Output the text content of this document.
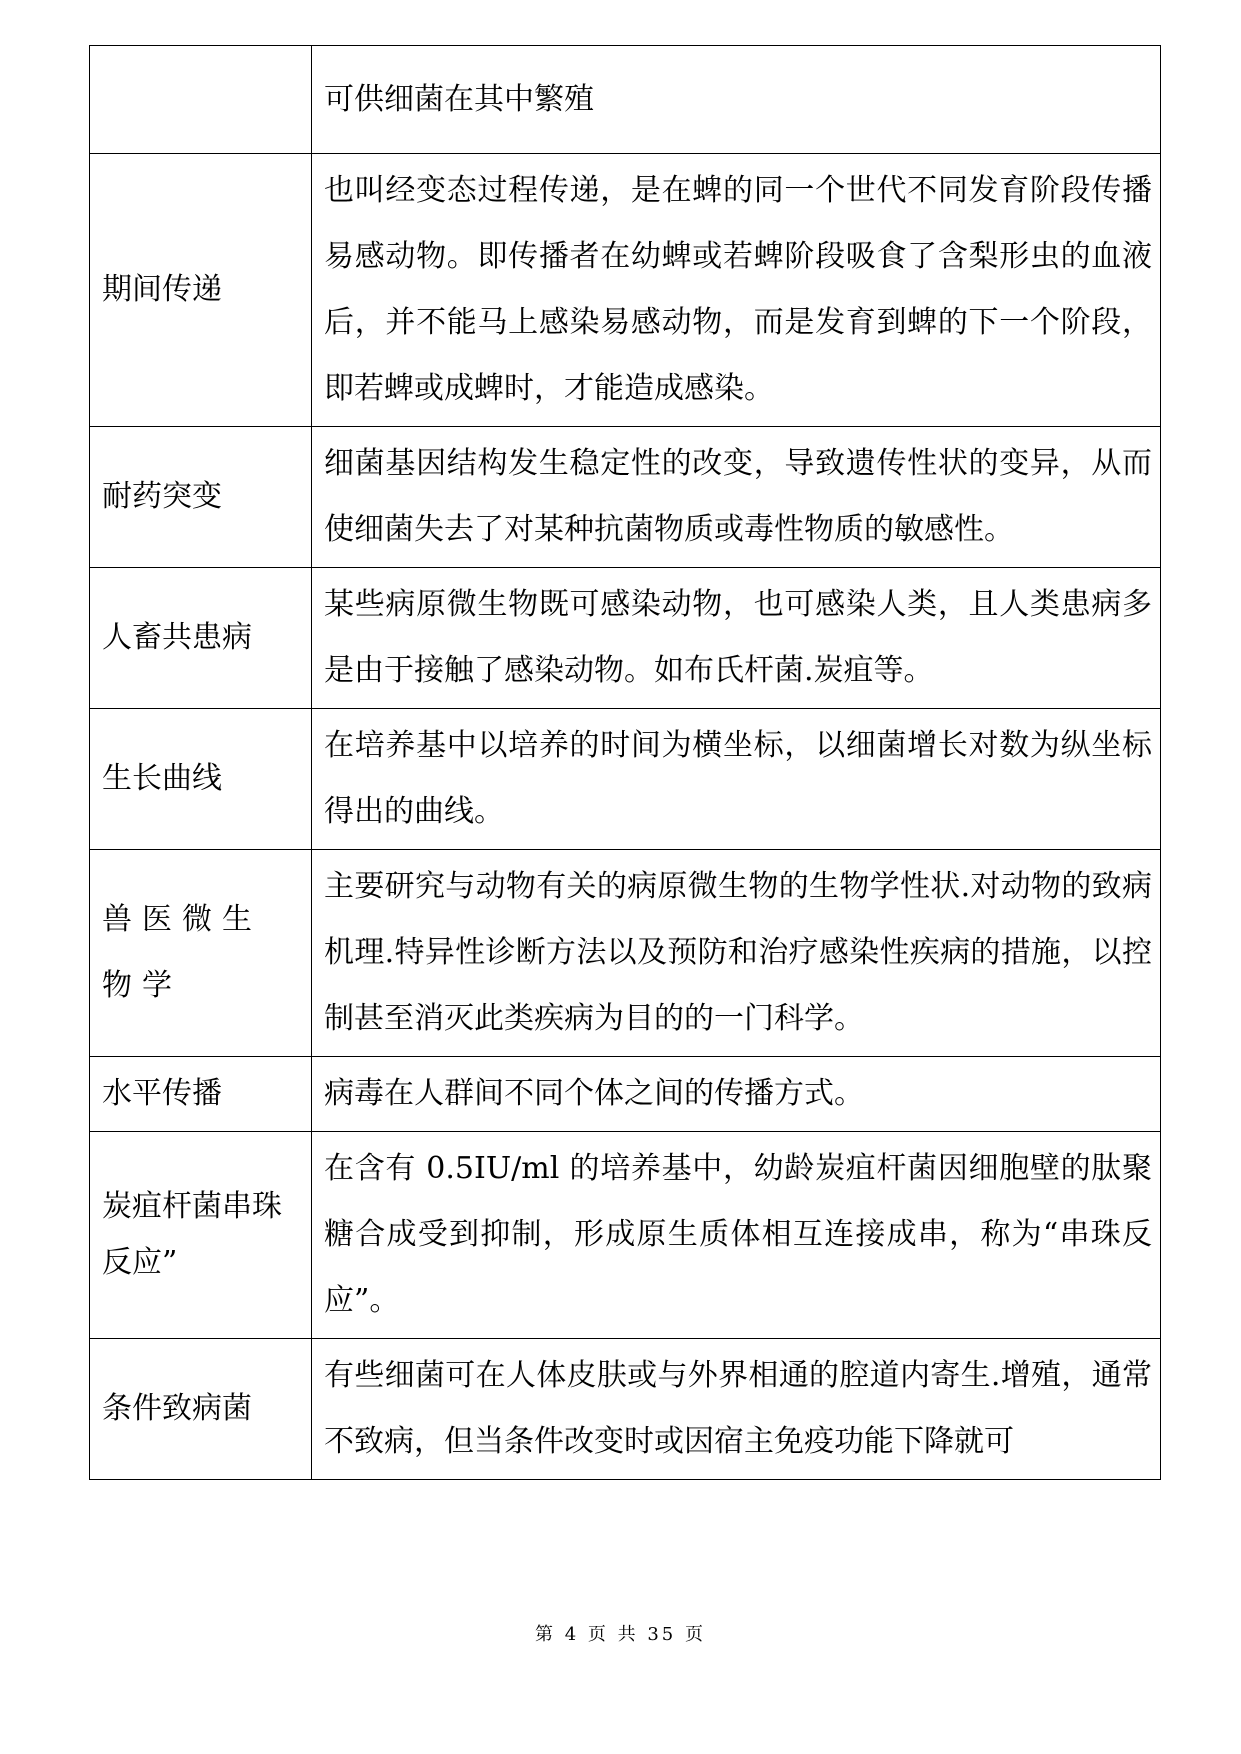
	可供细菌在其中繁殖
期间传递	也叫经变态过程传递，是在蜱的同一个世代不同发育阶段传播易感动物。即传播者在幼蜱或若蜱阶段吸食了含梨形虫的血液后，并不能马上感染易感动物，而是发育到蜱的下一个阶段，即若蜱或成蜱时，才能造成感染。
耐药突变	细菌基因结构发生稳定性的改变，导致遗传性状的变异，从而使细菌失去了对某种抗菌物质或毒性物质的敏感性。
人畜共患病	某些病原微生物既可感染动物，也可感染人类，且人类患病多是由于接触了感染动物。如布氏杆菌.炭疽等。
生长曲线	在培养基中以培养的时间为横坐标，以细菌增长对数为纵坐标得出的曲线。
兽医微生物学	主要研究与动物有关的病原微生物的生物学性状.对动物的致病机理.特异性诊断方法以及预防和治疗感染性疾病的措施，以控制甚至消灭此类疾病为目的的一门科学。
水平传播	病毒在人群间不同个体之间的传播方式。
炭疽杆菌串珠反应”	在含有 0.5IU/ml 的培养基中，幼龄炭疽杆菌因细胞壁的肽聚糖合成受到抑制，形成原生质体相互连接成串，称为“串珠反应”。
条件致病菌	有些细菌可在人体皮肤或与外界相通的腔道内寄生.增殖，通常不致病，但当条件改变时或因宿主免疫功能下降就可
第 4 页 共 35 页
